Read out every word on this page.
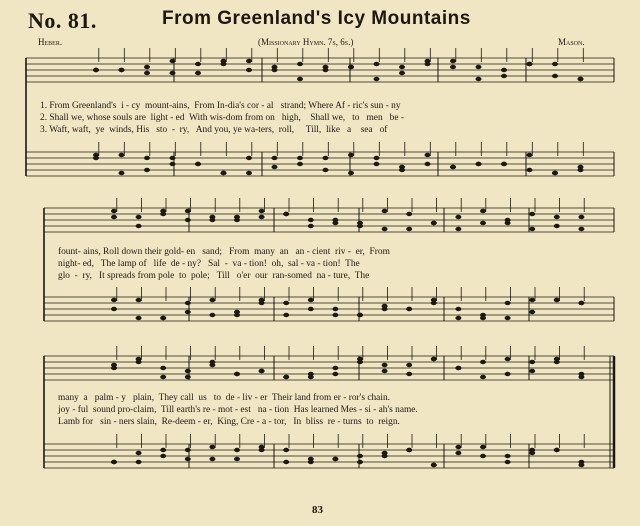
No. 81.	From Greenland's Icy Mountains
Heber.	(Missionary Hymn. 7s, 6s.)	Mason.
1. From Greenland's  i - cy  mount-ains,  From In-dia's cor - al   strand; Where Af - ric's sun - ny
2. Shall we, whose souls are  light - ed  With wis-dom from on   high,    Shall we,   to   men   be -
3. Waft, waft,  ye  winds, His   sto  -  ry,   And you, ye wa-ters,  roll,     Till,  like   a    sea   of
fount- ains, Roll down their gold- en   sand;   From  many  an   an - cient  riv -  er,  From
night- ed,   The lamp of   life  de - ny?   Sal  -  va - tion!  oh,  sal - va - tion!  The
glo  -  ry,   It spreads from pole  to  pole;   Till   o'er  our  ran-somed  na - ture,  The
many  a   palm - y   plain,  They call  us   to  de - liv - er  Their land from er - ror's chain.
joy - ful  sound pro-claim,  Till earth's re - mot - est   na - tion  Has learned Mes - si - ah's name.
Lamb for   sin - ners slain,  Re-deem - er,  King, Cre - a - tor,   In  bliss  re - turns  to  reign.
83
